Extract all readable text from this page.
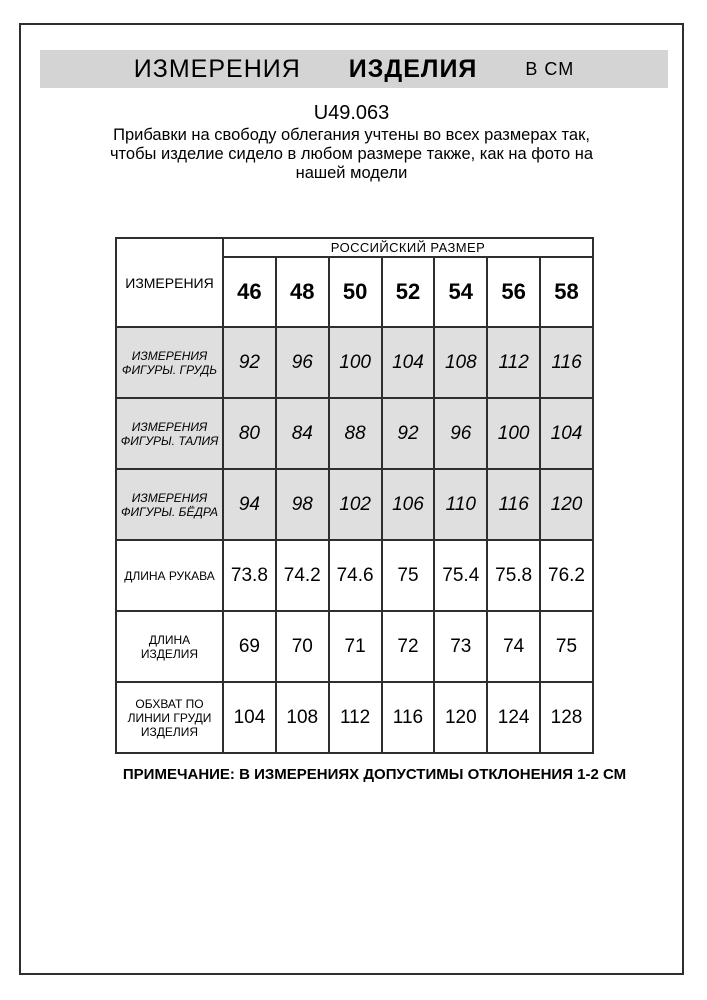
ИЗМЕРЕНИЯ ИЗДЕЛИЯ	В СМ
U49.063
Прибавки на свободу облегания учтены во всех размерах так,
чтобы изделие сидело в любом размере также, как на фото на
нашей модели
ИЗМЕРЕНИЯ	РОССИЙСКИЙ РАЗМЕР						
	46	48	50	52	54	56	58
ИЗМЕРЕНИЯ ФИГУРЫ. ГРУДЬ	92	96	100	104	108	112	116
ИЗМЕРЕНИЯ ФИГУРЫ. ТАЛИЯ	80	84	88	92	96	100	104
ИЗМЕРЕНИЯ ФИГУРЫ. БЁДРА	94	98	102	106	110	116	120
ДЛИНА РУКАВА	73.8	74.2	74.6	75	75.4	75.8	76.2
ДЛИНА ИЗДЕЛИЯ	69	70	71	72	73	74	75
ОБХВАТ ПО ЛИНИИ ГРУДИ ИЗДЕЛИЯ	104	108	112	116	120	124	128
ПРИМЕЧАНИЕ: В ИЗМЕРЕНИЯХ ДОПУСТИМЫ ОТКЛОНЕНИЯ 1-2 СМ
